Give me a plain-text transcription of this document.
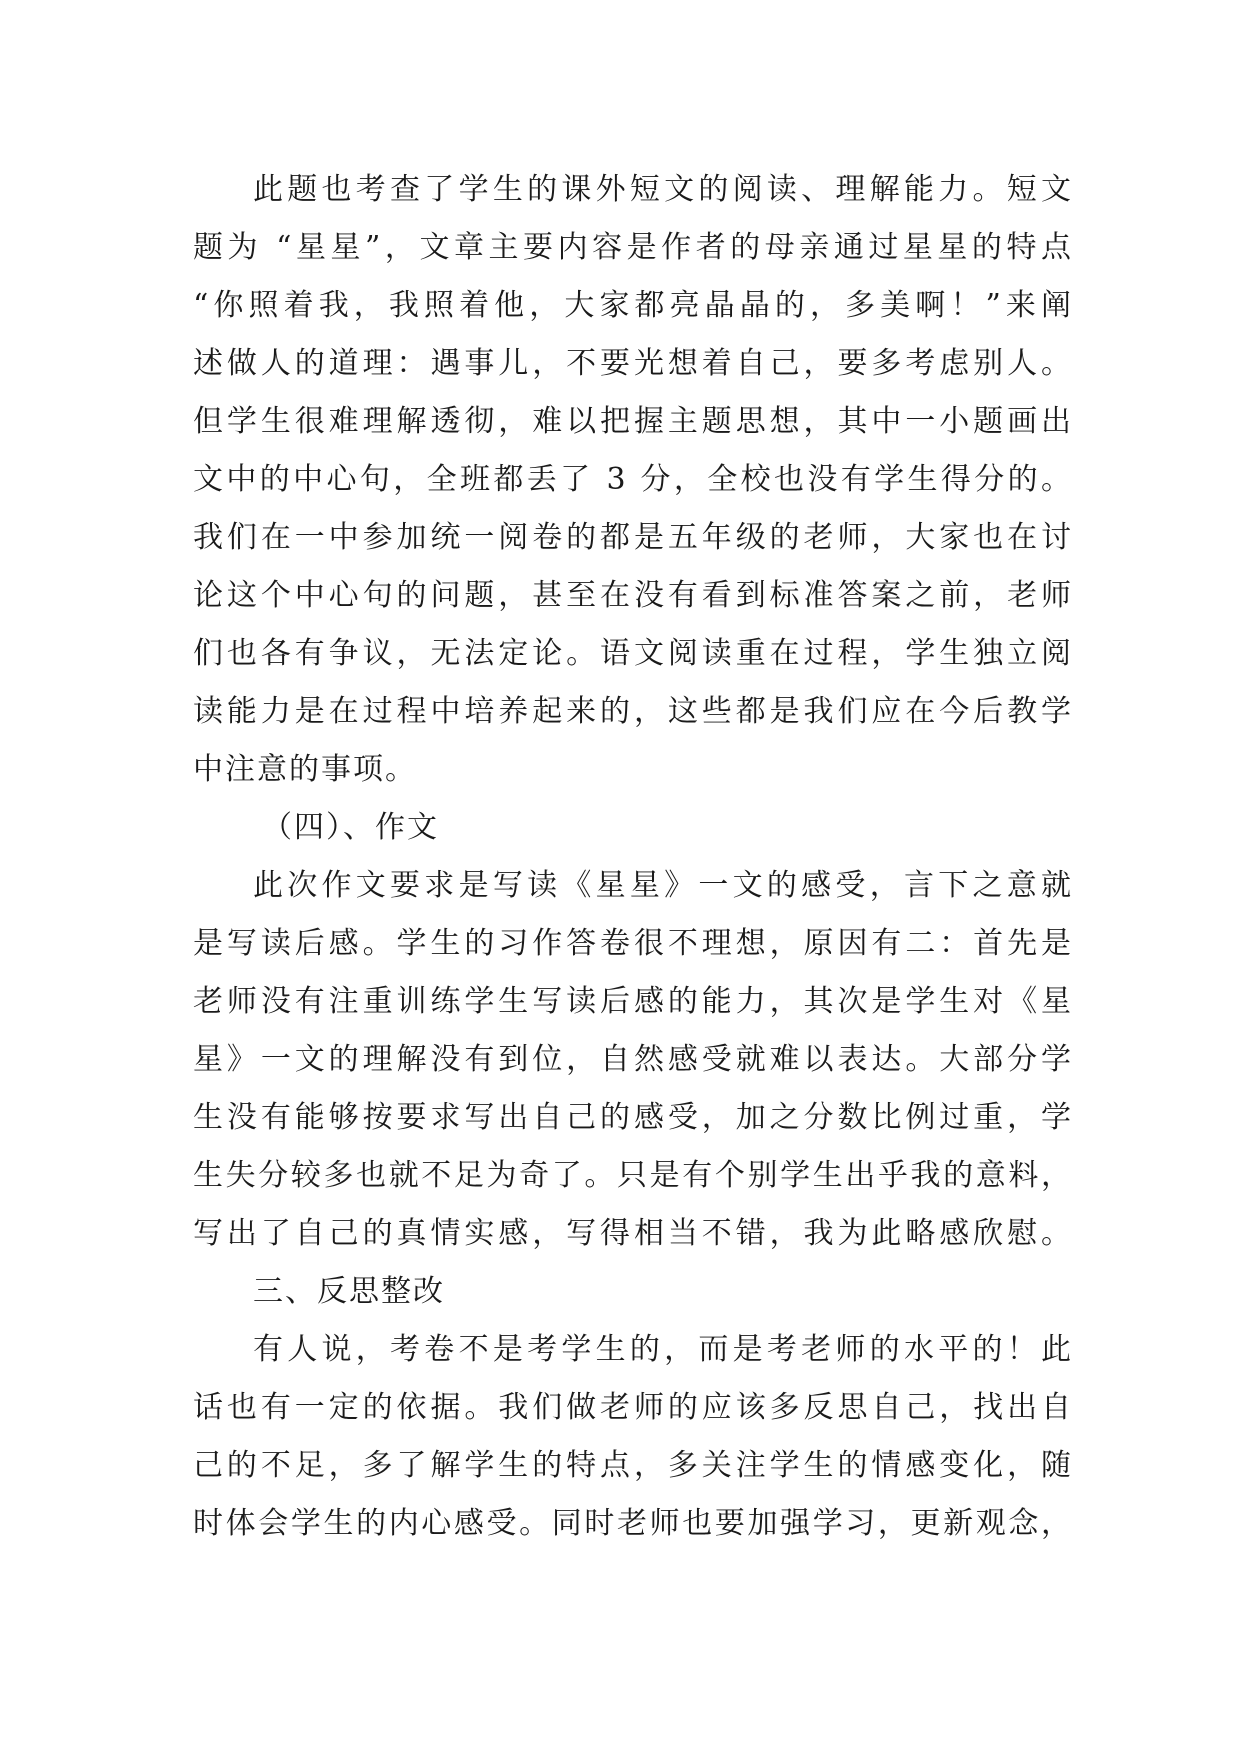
此题也考查了学生的课外短文的阅读、理解能力。短文
题为 “星星”，文章主要内容是作者的母亲通过星星的特点
“你照着我，我照着他，大家都亮晶晶的，多美啊！”来阐
述做人的道理：遇事儿，不要光想着自己，要多考虑别人。
但学生很难理解透彻，难以把握主题思想，其中一小题画出
文中的中心句，全班都丢了 3 分，全校也没有学生得分的。
我们在一中参加统一阅卷的都是五年级的老师，大家也在讨
论这个中心句的问题，甚至在没有看到标准答案之前，老师
们也各有争议，无法定论。语文阅读重在过程，学生独立阅
读能力是在过程中培养起来的，这些都是我们应在今后教学
中注意的事项。
（四）、作文
此次作文要求是写读《星星》一文的感受，言下之意就
是写读后感。学生的习作答卷很不理想，原因有二：首先是
老师没有注重训练学生写读后感的能力，其次是学生对《星
星》一文的理解没有到位，自然感受就难以表达。大部分学
生没有能够按要求写出自己的感受，加之分数比例过重，学
生失分较多也就不足为奇了。只是有个别学生出乎我的意料，
写出了自己的真情实感，写得相当不错，我为此略感欣慰。
三、反思整改
有人说，考卷不是考学生的，而是考老师的水平的！此
话也有一定的依据。我们做老师的应该多反思自己，找出自
己的不足，多了解学生的特点，多关注学生的情感变化，随
时体会学生的内心感受。同时老师也要加强学习，更新观念，
